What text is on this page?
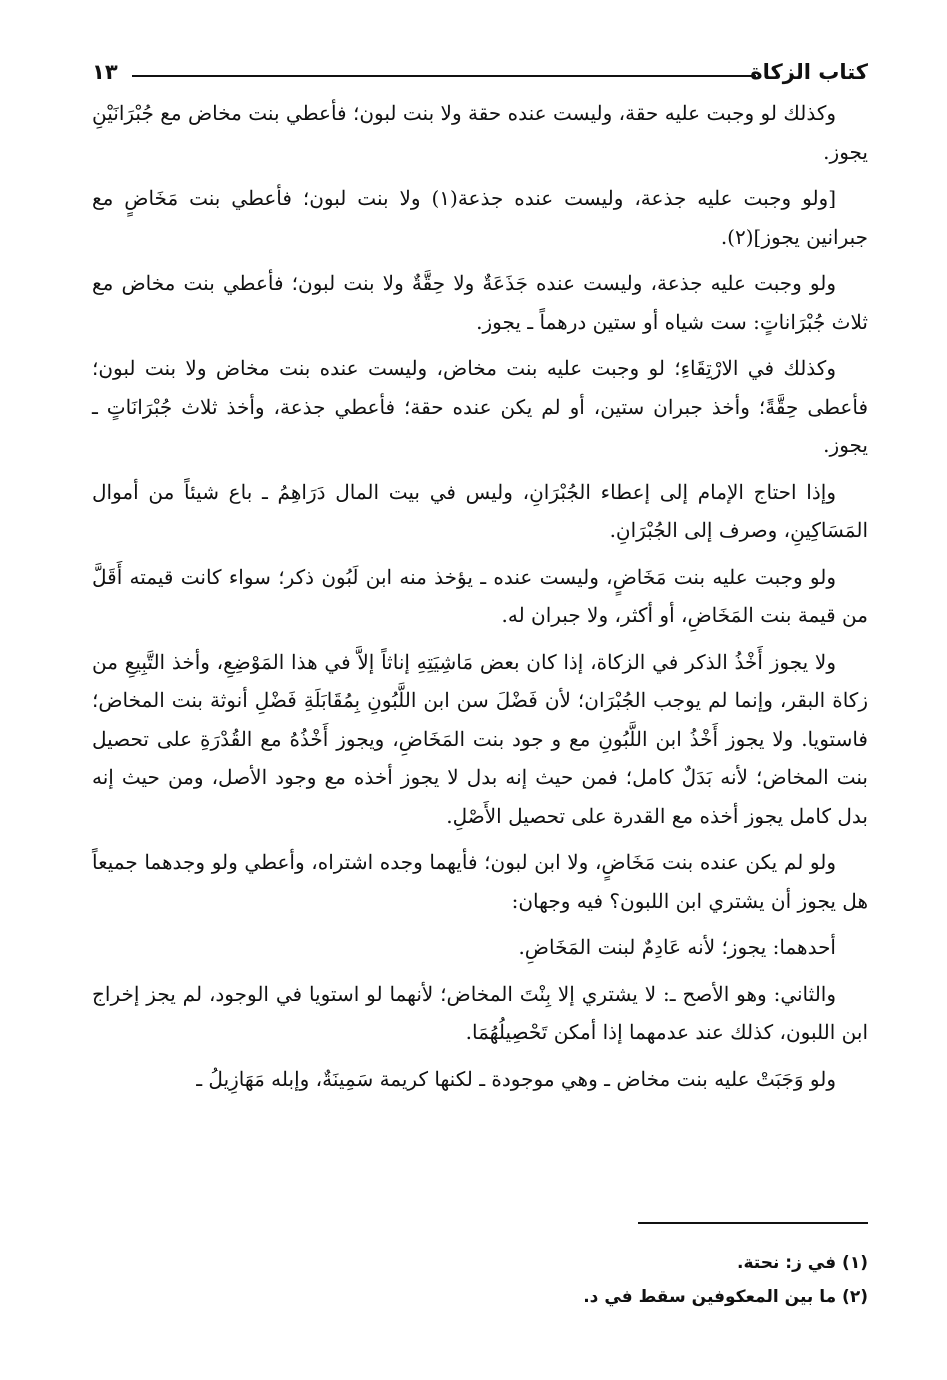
كتاب الزكاة
١٣

وكذلك لو وجبت عليه حقة، وليست عنده حقة ولا بنت لبون؛ فأعطي بنت مخاض مع جُبْرَانَيْنِ يجوز.

[ولو وجبت عليه جذعة، وليست عنده جذعة(١) ولا بنت لبون؛ فأعطي بنت مَخَاضٍ مع جبرانين يجوز](٢).

ولو وجبت عليه جذعة، وليست عنده جَذَعَةٌ ولا حِقَّةٌ ولا بنت لبون؛ فأعطي بنت مخاض مع ثلاث جُبْرَاناتٍ: ست شياه أو ستين درهماً ـ يجوز.

وكذلك في الارْتِقَاءِ؛ لو وجبت عليه بنت مخاض، وليست عنده بنت مخاض ولا بنت لبون؛ فأعطى حِقَّةً؛ وأخذ جبران ستين، أو لم يكن عنده حقة؛ فأعطي جذعة، وأخذ ثلاث جُبْرَانَاتٍ ـ يجوز.

وإذا احتاج الإمام إلى إعطاء الجُبْرَانِ، وليس في بيت المال دَرَاهِمُ ـ باع شيئاً من أموال المَسَاكِينِ، وصرف إلى الجُبْرَانِ.

ولو وجبت عليه بنت مَخَاضٍ، وليست عنده ـ يؤخذ منه ابن لَبُون ذكر؛ سواء كانت قيمته أَقَلَّ من قيمة بنت المَخَاضِ، أو أكثر، ولا جبران له.

ولا يجوز أَخْذُ الذكر في الزكاة، إذا كان بعض مَاشِيَتِهِ إناثاً إلاَّ في هذا المَوْضِعِ، وأخذ التَّبِيعِ من زكاة البقر، وإنما لم يوجب الجُبْرَان؛ لأن فَضْلَ سن ابن اللَّبُونِ بِمُقَابَلَةِ فَضْلِ أنوثة بنت المخاض؛ فاستويا. ولا يجوز أَخْذُ ابن اللَّبُونِ مع و جود بنت المَخَاضِ، ويجوز أَخْذُهُ مع القُدْرَةِ على تحصيل بنت المخاض؛ لأنه بَدَلٌ كامل؛ فمن حيث إنه بدل لا يجوز أخذه مع وجود الأصل، ومن حيث إنه بدل كامل يجوز أخذه مع القدرة على تحصيل الأَصْلِ.

ولو لم يكن عنده بنت مَخَاضٍ، ولا ابن لبون؛ فأيهما وجده اشتراه، وأعطي ولو وجدهما جميعاً هل يجوز أن يشتري ابن اللبون؟ فيه وجهان:

أحدهما: يجوز؛ لأنه عَادِمٌ لبنت المَخَاضِ.

والثاني: وهو الأصح ـ: لا يشتري إلا بِنْتَ المخاض؛ لأنهما لو استويا في الوجود، لم يجز إخراج ابن اللبون، كذلك عند عدمهما إذا أمكن تَحْصِيلُهُمَا.

ولو وَجَبَتْ عليه بنت مخاض ـ وهي موجودة ـ لكنها كريمة سَمِينَةٌ، وإبله مَهَازِيلُ ـ

(١) في ز: نحتة.

(٢) ما بين المعكوفين سقط في د.
